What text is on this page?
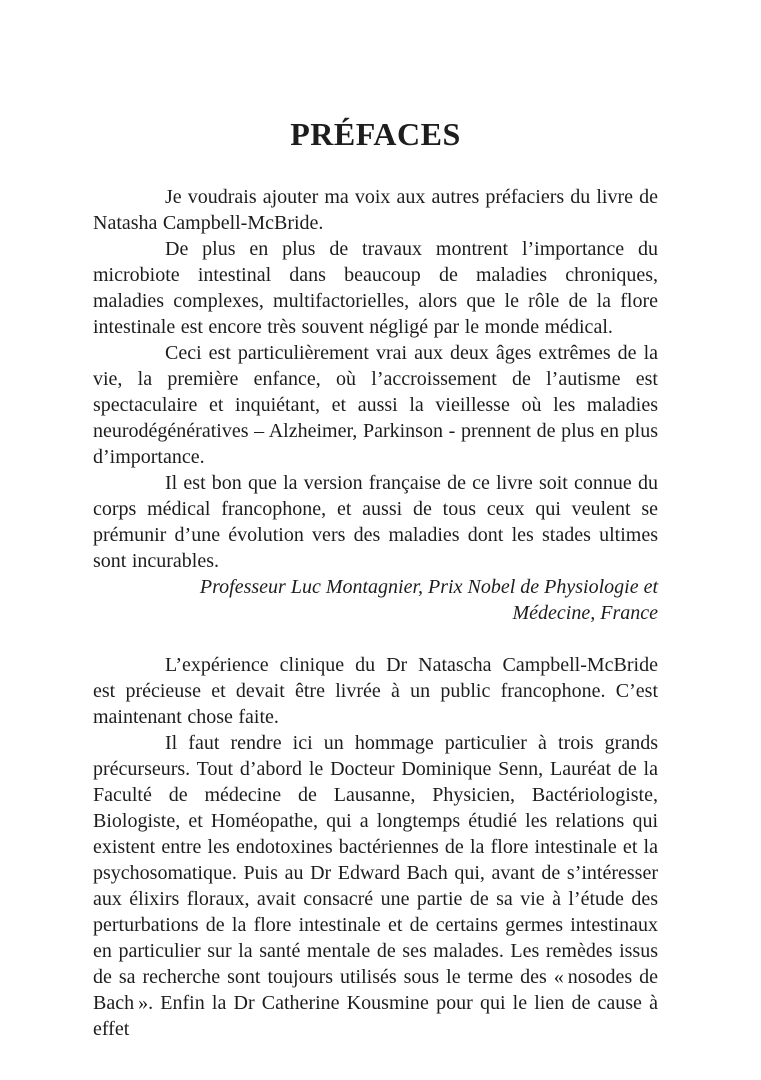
PRÉFACES

Je voudrais ajouter ma voix aux autres préfaciers du livre de Natasha Campbell-McBride.

De plus en plus de travaux montrent l’importance du microbiote intestinal dans beaucoup de maladies chroniques, maladies complexes, multifactorielles, alors que le rôle de la flore intestinale est encore très souvent négligé par le monde médical.

Ceci est particulièrement vrai aux deux âges extrêmes de la vie, la première enfance, où l’accroissement de l’autisme est spectaculaire et inquiétant, et aussi la vieillesse où les maladies neurodégénératives – Alzheimer, Parkinson - prennent de plus en plus d’importance.

Il est bon que la version française de ce livre soit connue du corps médical francophone, et aussi de tous ceux qui veulent se prémunir d’une évolution vers des maladies dont les stades ultimes sont incurables.

Professeur Luc Montagnier, Prix Nobel de Physiologie et
Médecine, France

L’expérience clinique du Dr Natascha Campbell-McBride est précieuse et devait être livrée à un public francophone. C’est maintenant chose faite.

Il faut rendre ici un hommage particulier à trois grands précurseurs. Tout d’abord le Docteur Dominique Senn, Lauréat de la Faculté de médecine de Lausanne, Physicien, Bactériologiste, Biologiste, et Homéopathe, qui a longtemps étudié les relations qui existent entre les endotoxines bactériennes de la flore intestinale et la psychosomatique. Puis au Dr Edward Bach qui, avant de s’intéresser aux élixirs floraux, avait consacré une partie de sa vie à l’étude des perturbations de la flore intestinale et de certains germes intestinaux en particulier sur la santé mentale de ses malades. Les remèdes issus de sa recherche sont toujours utilisés sous le terme des « nosodes de Bach ». Enfin la Dr Catherine Kousmine pour qui le lien de cause à effet
